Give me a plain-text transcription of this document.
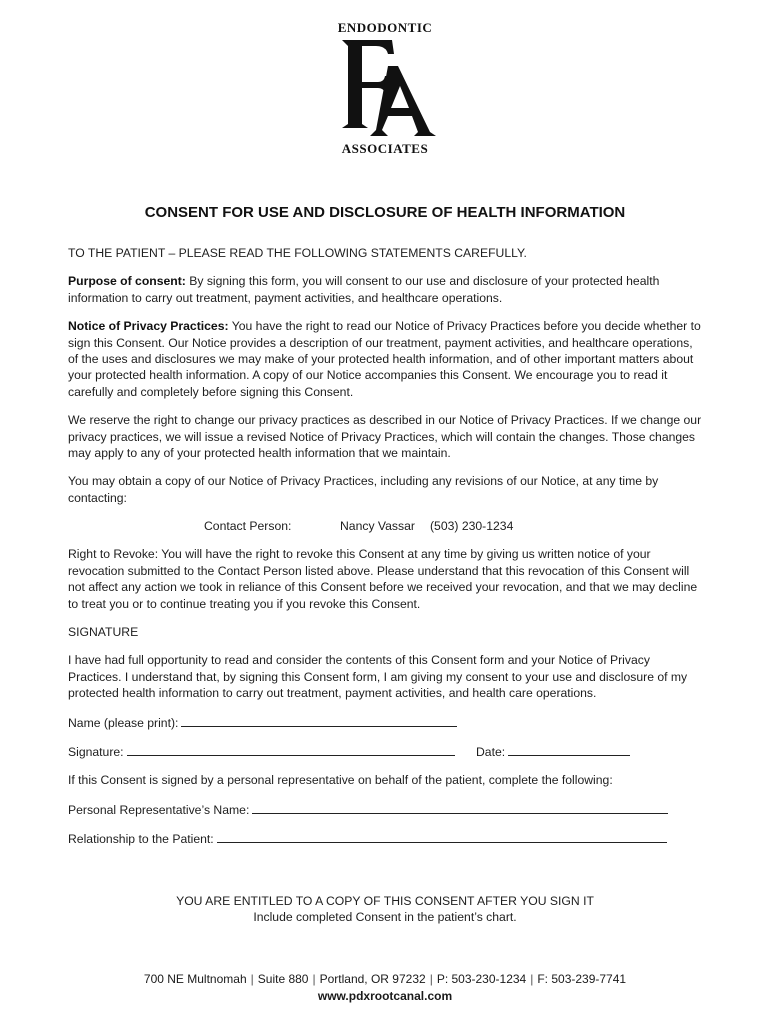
ENDODONTIC
ASSOCIATES
CONSENT FOR USE AND DISCLOSURE OF HEALTH INFORMATION

TO THE PATIENT – PLEASE READ THE FOLLOWING STATEMENTS CAREFULLY.

Purpose of consent: By signing this form, you will consent to our use and disclosure of your protected health information to carry out treatment, payment activities, and healthcare operations.

Notice of Privacy Practices: You have the right to read our Notice of Privacy Practices before you decide whether to sign this Consent. Our Notice provides a description of our treatment, payment activities, and healthcare operations, of the uses and disclosures we may make of your protected health information, and of other important matters about your protected health information. A copy of our Notice accompanies this Consent. We encourage you to read it carefully and completely before signing this Consent.

We reserve the right to change our privacy practices as described in our Notice of Privacy Practices. If we change our privacy practices, we will issue a revised Notice of Privacy Practices, which will contain the changes. Those changes may apply to any of your protected health information that we maintain.

You may obtain a copy of our Notice of Privacy Practices, including any revisions of our Notice, at any time by contacting:

Contact Person:	Nancy Vassar (503) 230-1234

Right to Revoke: You will have the right to revoke this Consent at any time by giving us written notice of your revocation submitted to the Contact Person listed above. Please understand that this revocation of this Consent will not affect any action we took in reliance of this Consent before we received your revocation, and that we may decline to treat you or to continue treating you if you revoke this Consent.

SIGNATURE

I have had full opportunity to read and consider the contents of this Consent form and your Notice of Privacy Practices. I understand that, by signing this Consent form, I am giving my consent to your use and disclosure of my protected health information to carry out treatment, payment activities, and health care operations.

Name (please print):
Signature:	Date:
If this Consent is signed by a personal representative on behalf of the patient, complete the following:
Personal Representative’s Name:
Relationship to the Patient:
YOU ARE ENTITLED TO A COPY OF THIS CONSENT AFTER YOU SIGN IT
Include completed Consent in the patient’s chart.
700 NE Multnomah | Suite 880 | Portland, OR 97232 | P: 503-230-1234 | F: 503-239-7741
www.pdxrootcanal.com
